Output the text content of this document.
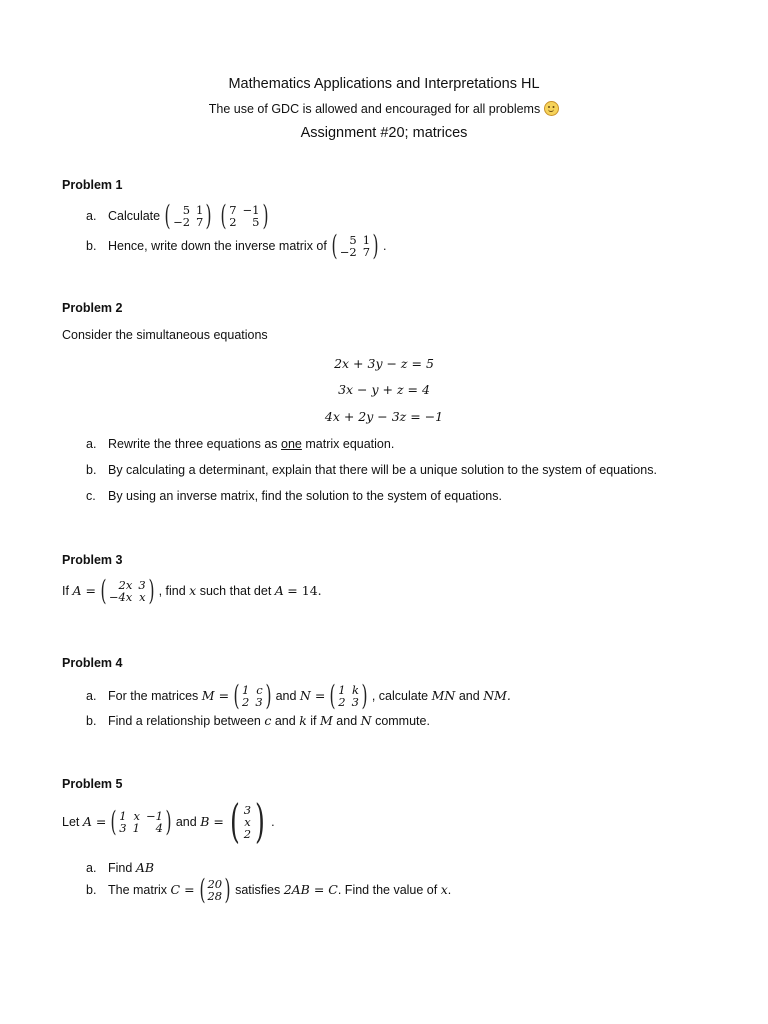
Mathematics Applications and Interpretations HL
The use of GDC is allowed and encouraged for all problems
Assignment #20; matrices
Problem 1
a. Calculate (	5 1
−2 7 ) ( 7 −1
2	5 )
b. Hence, write down the inverse matrix of (	5 1
−2 7 ) .
Problem 2
Consider the simultaneous equations
2x + 3y − z = 5
3x − y + z = 4
4x + 2y − 3z = −1
a. Rewrite the three equations as
one
matrix equation.
b. By calculating a determinant, explain that there will be a unique solution to the system of equations.
c. By using an inverse matrix, find the solution to the system of equations.
Problem 3
If
A = (	2x 3
−4x x ) , find
x
such that det
A
= 14.
Problem 4
a. For the matrices
M = ( 1 c
2 3 ) and
N = ( 1 k
2 3 ) , calculate
MN
and
NM.
b. Find a relationship between
c
and
k
if
M
and
N
commute.
Problem 5
Let
A = ( 1 x −1
3 1	4 ) and
B = ( 3
x
2 ) .
a. Find
AB
b. The matrix
C = ( 20
28 ) satisfies
2AB = C . Find the value of
x .
